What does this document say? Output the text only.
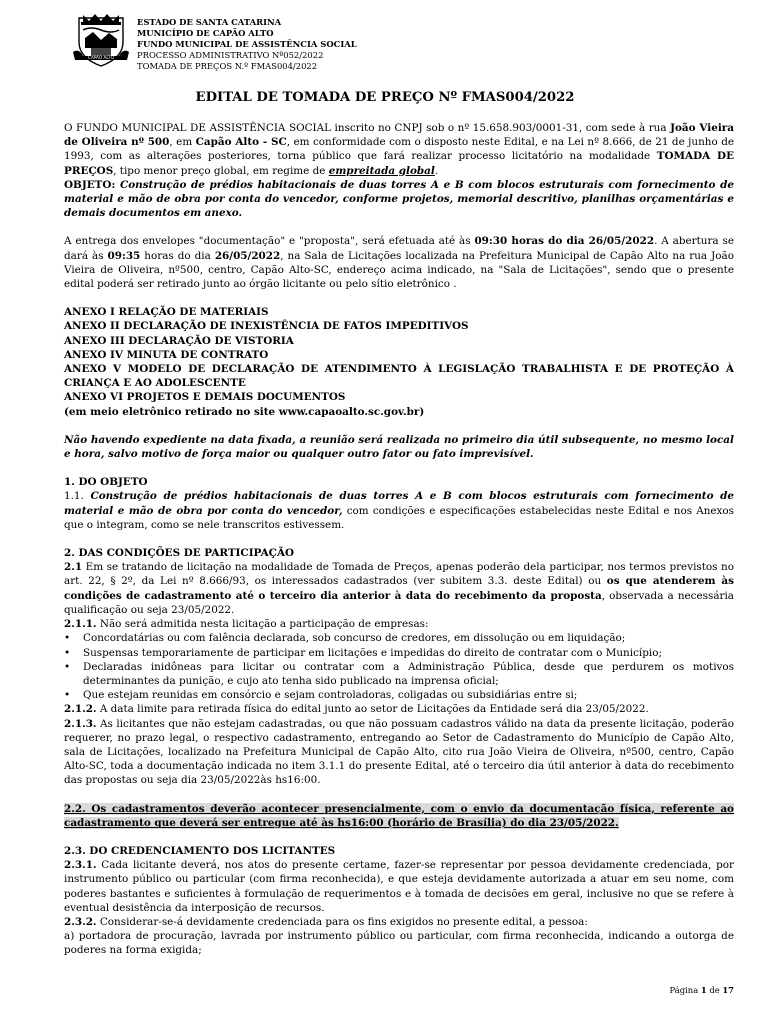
CAPÃO ALTO
ESTADO DE SANTA CATARINA
MUNICÍPIO DE CAPÃO ALTO
FUNDO MUNICIPAL DE ASSISTÊNCIA SOCIAL
PROCESSO ADMINISTRATIVO Nº052/2022
TOMADA DE PREÇOS N.º FMAS004/2022
EDITAL DE TOMADA DE PREÇO Nº FMAS004/2022

O FUNDO MUNICIPAL DE ASSISTÊNCIA SOCIAL inscrito no CNPJ sob o nº 15.658.903/0001-31, com sede à rua João Vieira de Oliveira nº 500, em Capão Alto - SC, em conformidade com o disposto neste Edital, e na Lei nº 8.666, de 21 de junho de 1993, com as alterações posteriores, torna público que fará realizar processo licitatório na modalidade TOMADA DE PREÇOS, tipo menor preço global, em regime de empreitada global.

OBJETO: Construção de prédios habitacionais de duas torres A e B com blocos estruturais com fornecimento de material e mão de obra por conta do vencedor, conforme projetos, memorial descritivo, planilhas orçamentárias e demais documentos em anexo.

A entrega dos envelopes "documentação" e "proposta", será efetuada até às 09:30 horas do dia 26/05/2022. A abertura se dará às 09:35 horas do dia 26/05/2022, na Sala de Licitações localizada na Prefeitura Municipal de Capão Alto na rua João Vieira de Oliveira, nº500, centro, Capão Alto-SC, endereço acima indicado, na "Sala de Licitações", sendo que o presente edital poderá ser retirado junto ao órgão licitante ou pelo sítio eletrônico .

ANEXO I RELAÇÃO DE MATERIAIS

ANEXO II DECLARAÇÃO DE INEXISTÊNCIA DE FATOS IMPEDITIVOS

ANEXO III DECLARAÇÃO DE VISTORIA

ANEXO IV MINUTA DE CONTRATO

ANEXO V MODELO DE DECLARAÇÃO DE ATENDIMENTO À LEGISLAÇÃO TRABALHISTA E DE PROTEÇÃO À CRIANÇA E AO ADOLESCENTE

ANEXO VI PROJETOS E DEMAIS DOCUMENTOS

(em meio eletrônico retirado no site www.capaoalto.sc.gov.br)

Não havendo expediente na data fixada, a reunião será realizada no primeiro dia útil subsequente, no mesmo local e hora, salvo motivo de força maior ou qualquer outro fator ou fato imprevisível.

1. DO OBJETO

1.1. Construção de prédios habitacionais de duas torres A e B com blocos estruturais com fornecimento de material e mão de obra por conta do vencedor, com condições e especificações estabelecidas neste Edital e nos Anexos que o integram, como se nele transcritos estivessem.

2. DAS CONDIÇÕES DE PARTICIPAÇÃO

2.1 Em se tratando de licitação na modalidade de Tomada de Preços, apenas poderão dela participar, nos termos previstos no art. 22, § 2º, da Lei nº 8.666/93, os interessados cadastrados (ver subitem 3.3. deste Edital) ou os que atenderem às condições de cadastramento até o terceiro dia anterior à data do recebimento da proposta, observada a necessária qualificação ou seja 23/05/2022.

2.1.1. Não será admitida nesta licitação a participação de empresas:

• Concordatárias ou com falência declarada, sob concurso de credores, em dissolução ou em liquidação;
• Suspensas temporariamente de participar em licitações e impedidas do direito de contratar com o Município;
• Declaradas inidôneas para licitar ou contratar com a Administração Pública, desde que perdurem os motivos determinantes da punição, e cujo ato tenha sido publicado na imprensa oficial;
• Que estejam reunidas em consórcio e sejam controladoras, coligadas ou subsidiárias entre si;

2.1.2. A data limite para retirada física do edital junto ao setor de Licitações da Entidade será dia 23/05/2022.

2.1.3. As licitantes que não estejam cadastradas, ou que não possuam cadastros válido na data da presente licitação, poderão requerer, no prazo legal, o respectivo cadastramento, entregando ao Setor de Cadastramento do Município de Capão Alto, sala de Licitações, localizado na Prefeitura Municipal de Capão Alto, cito rua João Vieira de Oliveira, nº500, centro, Capão Alto-SC, toda a documentação indicada no item 3.1.1 do presente Edital, até o terceiro dia útil anterior à data do recebimento das propostas ou seja dia 23/05/2022às hs16:00.

2.2. Os cadastramentos deverão acontecer presencialmente, com o envio da documentação física, referente ao cadastramento que deverá ser entregue até às hs16:00 (horário de Brasília) do dia 23/05/2022.

2.3. DO CREDENCIAMENTO DOS LICITANTES

2.3.1. Cada licitante deverá, nos atos do presente certame, fazer-se representar por pessoa devidamente credenciada, por instrumento público ou particular (com firma reconhecida), e que esteja devidamente autorizada a atuar em seu nome, com poderes bastantes e suficientes à formulação de requerimentos e à tomada de decisões em geral, inclusive no que se refere à eventual desistência da interposição de recursos.

2.3.2. Considerar-se-á devidamente credenciada para os fins exigidos no presente edital, a pessoa:

a) portadora de procuração, lavrada por instrumento público ou particular, com firma reconhecida, indicando a outorga de poderes na forma exigida;

Página 1 de 17
